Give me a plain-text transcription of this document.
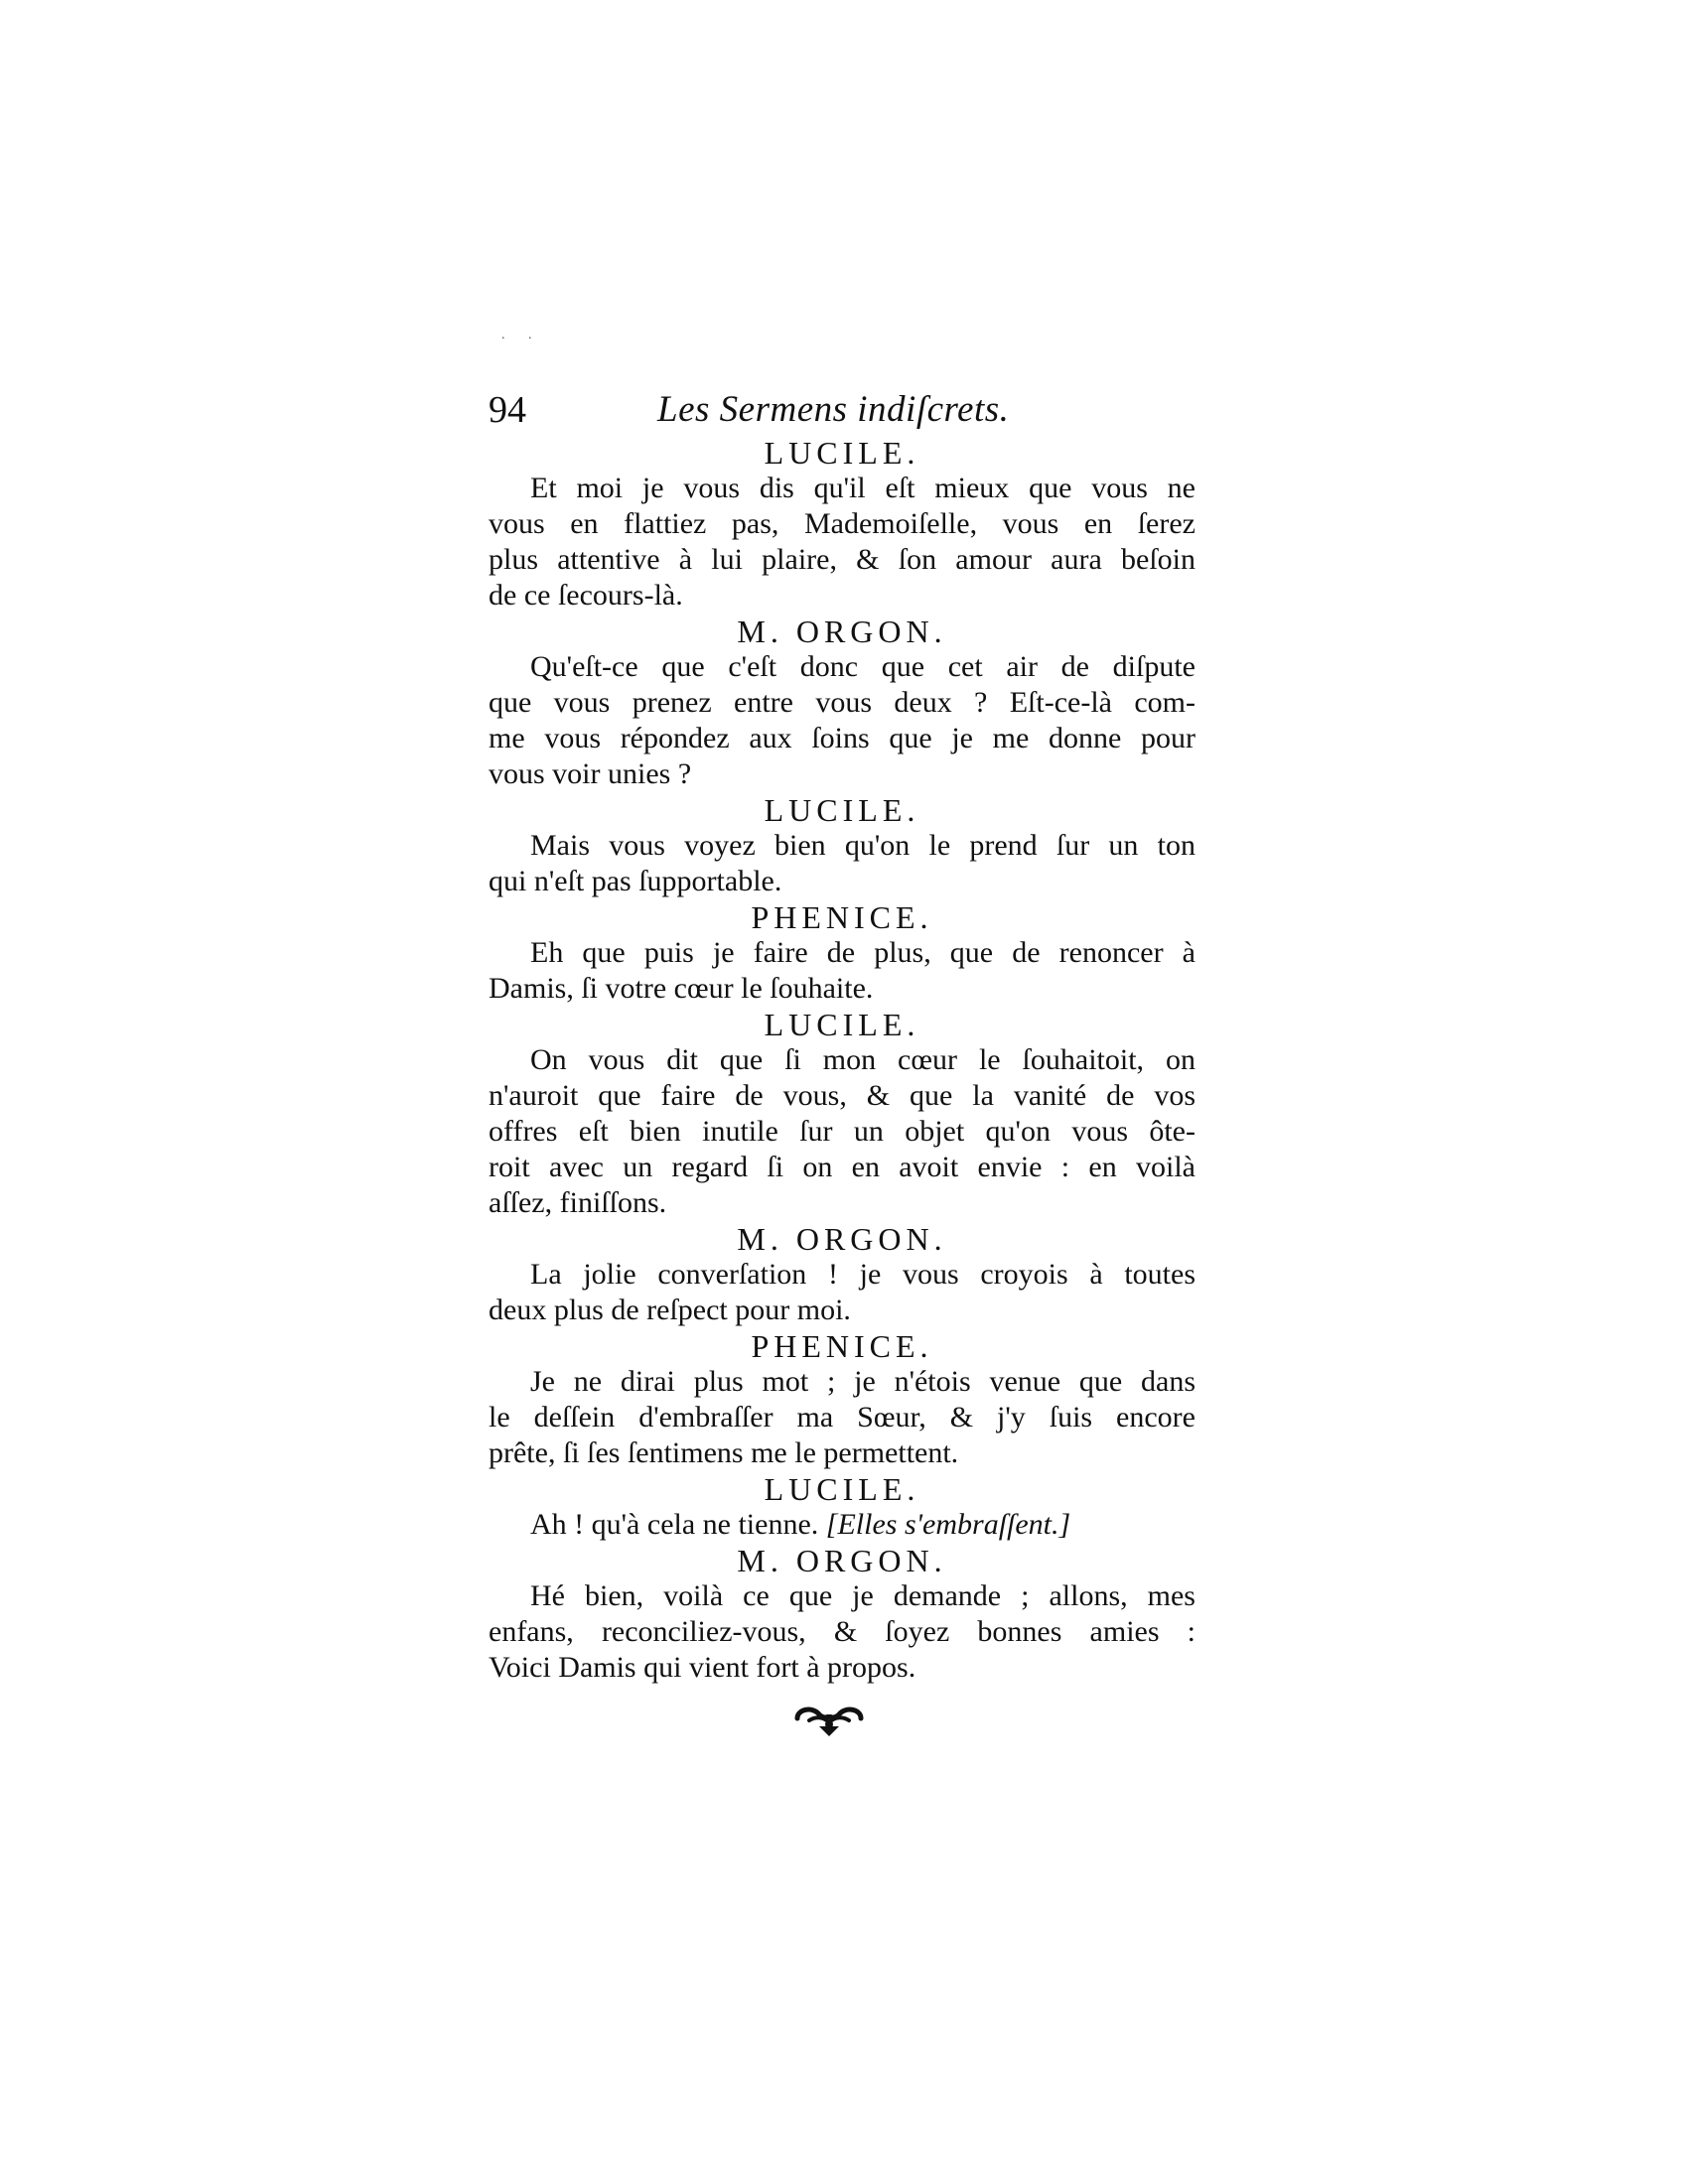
. .
94	Les Sermens indiſcrets.
LUCILE.
Et moi je vous dis qu'il eſt mieux que vous ne
vous en flattiez pas, Mademoiſelle, vous en ſerez
plus attentive à lui plaire, & ſon amour aura beſoin
de ce ſecours-là.
M. ORGON.
Qu'eſt-ce que c'eſt donc que cet air de diſpute
que vous prenez entre vous deux ? Eſt-ce-là com-
me vous répondez aux ſoins que je me donne pour
vous voir unies ?
LUCILE.
Mais vous voyez bien qu'on le prend ſur un ton
qui n'eſt pas ſupportable.
PHENICE.
Eh que puis je faire de plus, que de renoncer à
Damis, ſi votre cœur le ſouhaite.
LUCILE.
On vous dit que ſi mon cœur le ſouhaitoit, on
n'auroit que faire de vous, & que la vanité de vos
offres eſt bien inutile ſur un objet qu'on vous ôte-
roit avec un regard ſi on en avoit envie : en voilà
aſſez, finiſſons.
M. ORGON.
La jolie converſation ! je vous croyois à toutes
deux plus de reſpect pour moi.
PHENICE.
Je ne dirai plus mot ; je n'étois venue que dans
le deſſein d'embraſſer ma Sœur, & j'y ſuis encore
prête, ſi ſes ſentimens me le permettent.
LUCILE.
Ah ! qu'à cela ne tienne. [Elles s'embraſſent.]
M. ORGON.
Hé bien, voilà ce que je demande ; allons, mes
enfans, reconciliez-vous, & ſoyez bonnes amies :
Voici Damis qui vient fort à propos.
